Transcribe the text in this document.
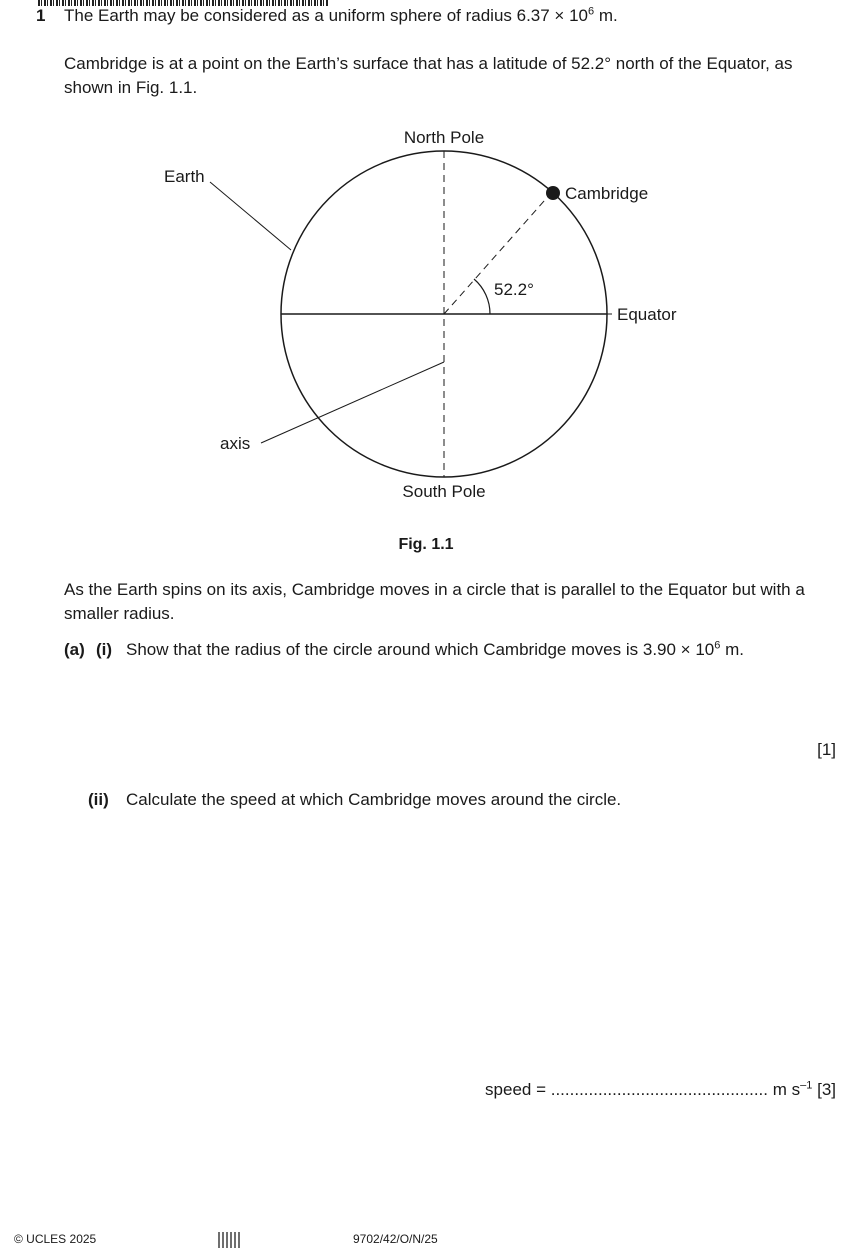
1 The Earth may be considered as a uniform sphere of radius $6.37 \times 10^6$ m.
Cambridge is at a point on the Earth’s surface that has a latitude of 52.2° north of the Equator, as shown in Fig. 1.1.
North Pole
South Pole
Earth
Cambridge
Equator
axis
52.2°
Fig. 1.1
As the Earth spins on its axis, Cambridge moves in a circle that is parallel to the Equator but with a smaller radius.
(a) (i) Show that the radius of the circle around which Cambridge moves is $3.90 \times 10^6$ m.
[1]
(ii) Calculate the speed at which Cambridge moves around the circle.
speed = .............................................. m $s^{-1}$ [3]
© UCLES 2025	9702/42/O/N/25
